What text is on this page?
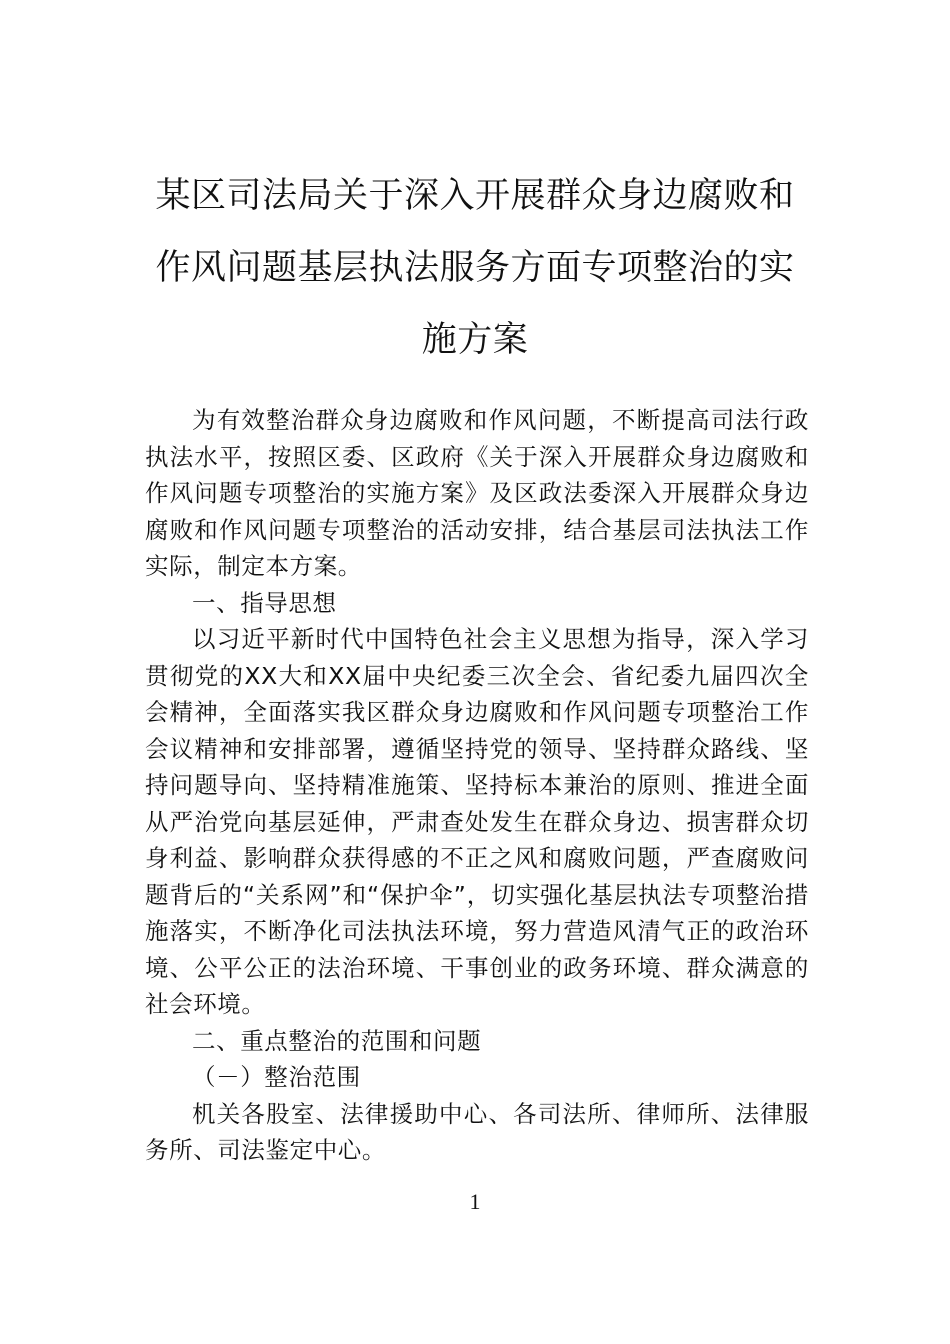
某区司法局关于深入开展群众身边腐败和
作风问题基层执法服务方面专项整治的实
施方案

为有效整治群众身边腐败和作风问题，不断提高司法行政执法水平，按照区委、区政府《关于深入开展群众身边腐败和作风问题专项整治的实施方案》及区政法委深入开展群众身边腐败和作风问题专项整治的活动安排，结合基层司法执法工作实际，制定本方案。

一、指导思想

以习近平新时代中国特色社会主义思想为指导，深入学习贯彻党的XX大和XX届中央纪委三次全会、省纪委九届四次全会精神，全面落实我区群众身边腐败和作风问题专项整治工作会议精神和安排部署，遵循坚持党的领导、坚持群众路线、坚持问题导向、坚持精准施策、坚持标本兼治的原则、推进全面从严治党向基层延伸，严肃查处发生在群众身边、损害群众切身利益、影响群众获得感的不正之风和腐败问题，严查腐败问题背后的“关系网”和“保护伞”，切实强化基层执法专项整治措施落实，不断净化司法执法环境，努力营造风清气正的政治环境、公平公正的法治环境、干事创业的政务环境、群众满意的社会环境。

二、重点整治的范围和问题

（－）整治范围

机关各股室、法律援助中心、各司法所、律师所、法律服务所、司法鉴定中心。

1
